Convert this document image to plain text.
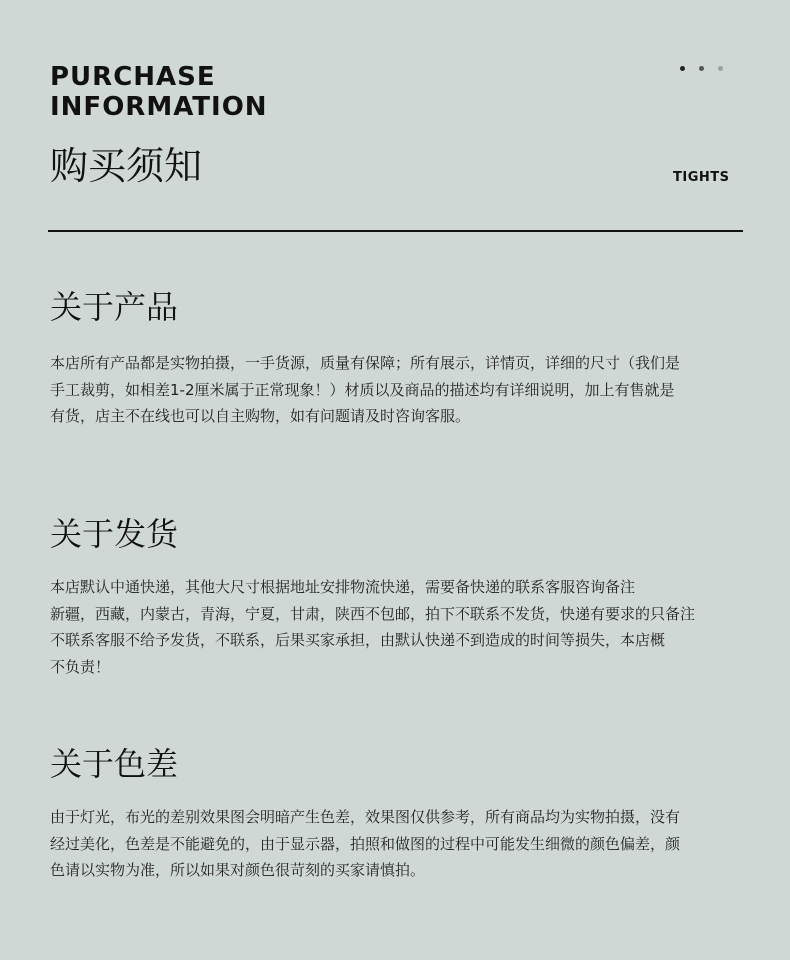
PURCHASE
INFORMATION
购买须知	TIGHTS
关于产品

本店所有产品都是实物拍摄，一手货源，质量有保障；所有展示，详情页，详细的尺寸（我们是
手工裁剪，如相差1-2厘米属于正常现象！）材质以及商品的描述均有详细说明，加上有售就是
有货，店主不在线也可以自主购物，如有问题请及时咨询客服。

关于发货

本店默认中通快递，其他大尺寸根据地址安排物流快递，需要备快递的联系客服咨询备注
新疆，西藏，内蒙古，青海，宁夏，甘肃，陕西不包邮，拍下不联系不发货，快递有要求的只备注
不联系客服不给予发货，不联系，后果买家承担，由默认快递不到造成的时间等损失，本店概
不负责！

关于色差

由于灯光，布光的差别效果图会明暗产生色差，效果图仅供参考，所有商品均为实物拍摄，没有
经过美化，色差是不能避免的，由于显示器，拍照和做图的过程中可能发生细微的颜色偏差，颜
色请以实物为准，所以如果对颜色很苛刻的买家请慎拍。
